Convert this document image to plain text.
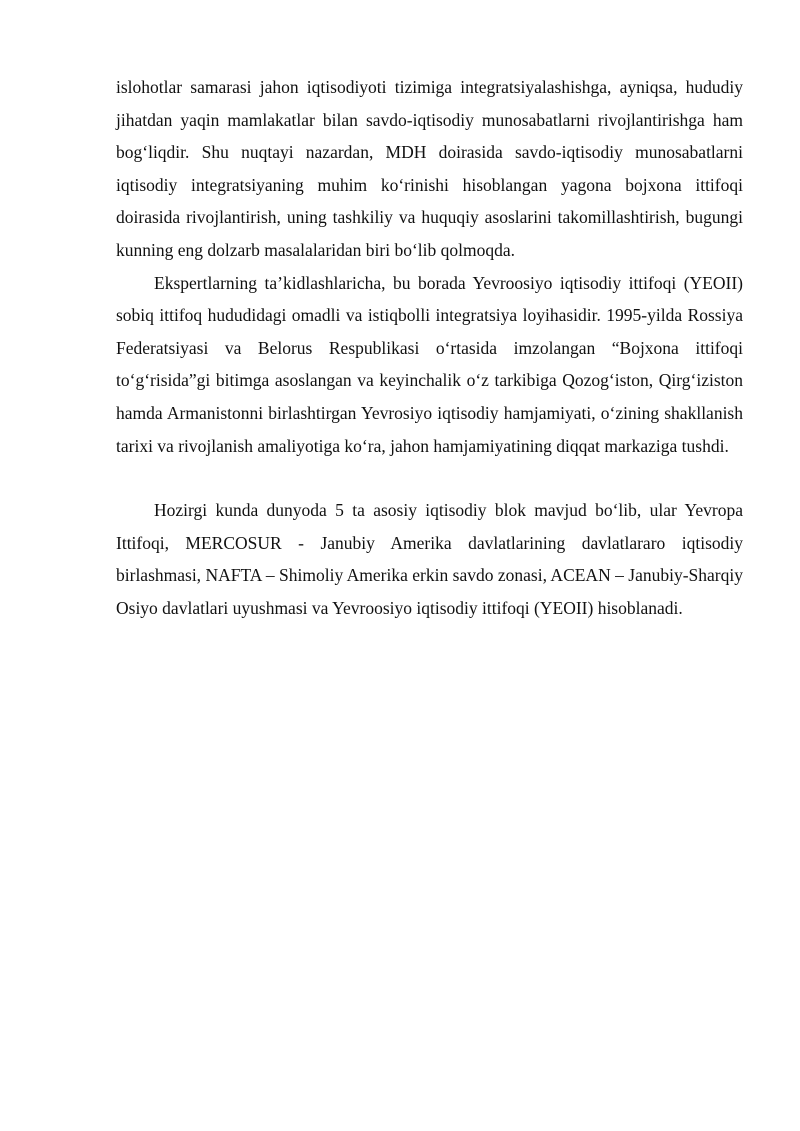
islohotlar samarasi jahon iqtisodiyoti tizimiga integratsiyalashishga, ayniqsa, hududiy jihatdan yaqin mamlakatlar bilan savdo-iqtisodiy munosabatlarni rivojlantirishga ham bog‘liqdir. Shu nuqtayi nazardan, MDH doirasida savdo-iqtisodiy munosabatlarni iqtisodiy integratsiyaning muhim ko‘rinishi hisoblangan yagona bojxona ittifoqi doirasida rivojlantirish, uning tashkiliy va huquqiy asoslarini takomillashtirish, bugungi kunning eng dolzarb masalalaridan biri bo‘lib qolmoqda.

Ekspertlarning ta’kidlashlaricha, bu borada Yevroosiyo iqtisodiy ittifoqi (YEOII) sobiq ittifoq hududidagi omadli va istiqbolli integratsiya loyihasidir. 1995-yilda Rossiya Federatsiyasi va Belorus Respublikasi o‘rtasida imzolangan “Bojxona ittifoqi to‘g‘risida”gi bitimga asoslangan va keyinchalik o‘z tarkibiga Qozog‘iston, Qirg‘iziston hamda Armanistonni birlashtirgan Yevrosiyo iqtisodiy hamjamiyati, o‘zining shakllanish tarixi va rivojlanish amaliyotiga ko‘ra, jahon hamjamiyatining diqqat markaziga tushdi.

Hozirgi kunda dunyoda 5 ta asosiy iqtisodiy blok mavjud bo‘lib, ular Yevropa Ittifoqi, MERCOSUR - Janubiy Amerika davlatlarining davlatlararo iqtisodiy birlashmasi, NAFTA – Shimoliy Amerika erkin savdo zonasi, ACEAN – Janubiy-Sharqiy Osiyo davlatlari uyushmasi va Yevroosiyo iqtisodiy ittifoqi (YEOII) hisoblanadi.
